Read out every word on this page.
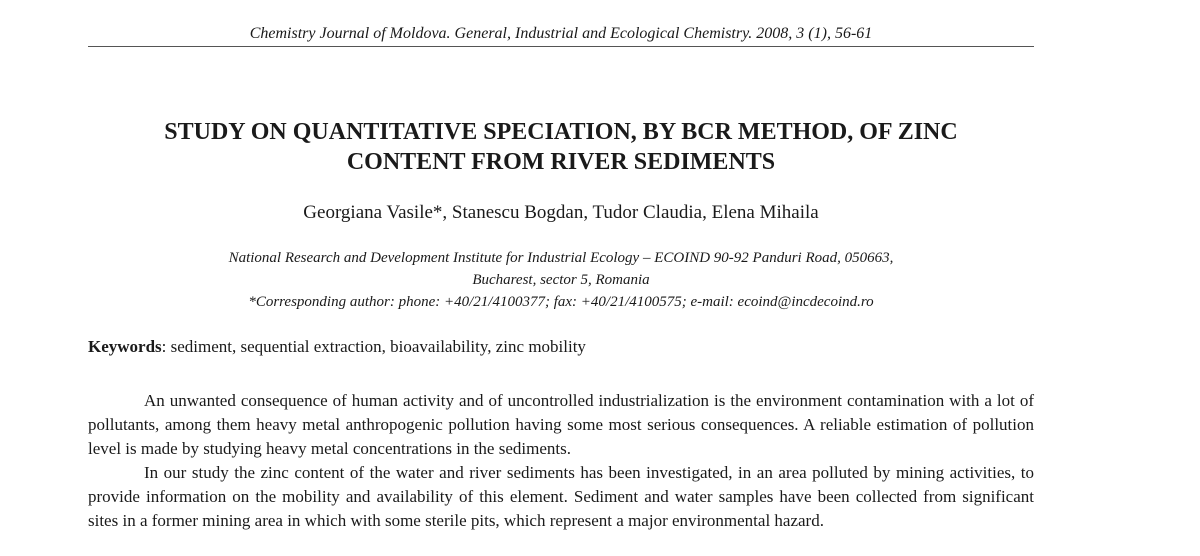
Chemistry Journal of Moldova. General, Industrial and Ecological Chemistry. 2008, 3 (1), 56-61
STUDY ON QUANTITATIVE SPECIATION, BY BCR METHOD, OF ZINC
CONTENT FROM RIVER SEDIMENTS
Georgiana Vasile*, Stanescu Bogdan, Tudor Claudia, Elena Mihaila
National Research and Development Institute for Industrial Ecology – ECOIND 90-92 Panduri Road, 050663,
Bucharest, sector 5, Romania
*Corresponding author: phone: +40/21/4100377; fax: +40/21/4100575; e-mail: ecoind@incdecoind.ro
Keywords: sediment, sequential extraction, bioavailability, zinc mobility

An unwanted consequence of human activity and of uncontrolled industrialization is the environment contamination with a lot of pollutants, among them heavy metal anthropogenic pollution having some most serious consequences. A reliable estimation of pollution level is made by studying heavy metal concentrations in the sediments.

In our study the zinc content of the water and river sediments has been investigated, in an area polluted by mining activities, to provide information on the mobility and availability of this element. Sediment and water samples have been collected from significant sites in a former mining area in which with some sterile pits, which represent a major environmental hazard.
